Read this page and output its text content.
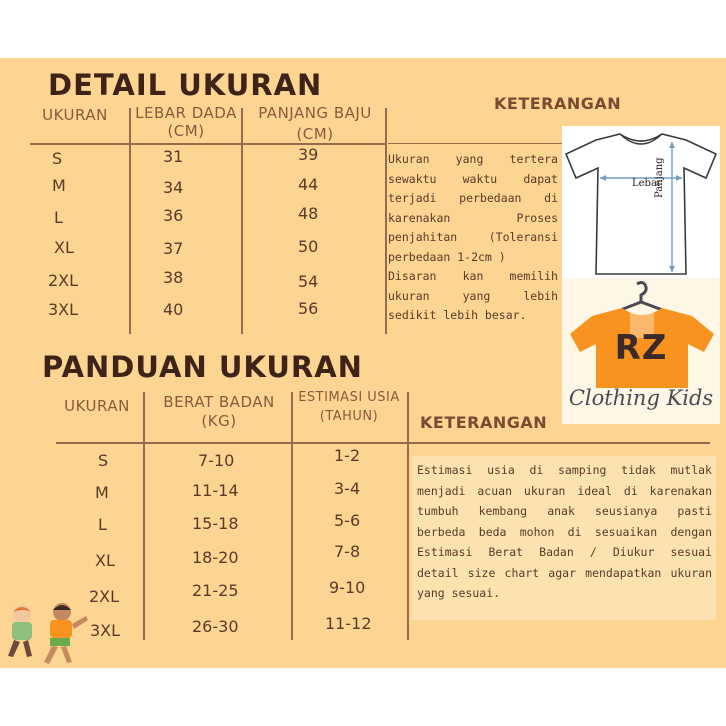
DETAIL UKURAN
UKURAN	LEBAR DADA
(CM)
PANJANG BAJU
(CM)
S	31	39
M	34	44
L	36	48
XL	37	50
2XL	38	54
3XL	40	56
KETERANGAN
Ukuran yang tertera sewaktu waktu dapat terjadi perbedaan di karenakan Proses penjahitan (Toleransi perbedaan 1-2cm )
Disaran kan memilih ukuran yang lebih sedikit lebih besar.
Lebar
Panjang
RZ
Clothing Kids
PANDUAN UKURAN
UKURAN	BERAT BADAN
(KG)
ESTIMASI USIA
(TAHUN)
S	7-10	1-2
M	11-14	3-4
L	15-18	5-6
XL	18-20	7-8
2XL	21-25	9-10
3XL	26-30	11-12
KETERANGAN
Estimasi usia di samping tidak mutlak menjadi acuan ukuran ideal di karenakan tumbuh kembang anak seusianya pasti berbeda beda mohon di sesuaikan dengan Estimasi Berat Badan / Diukur sesuai detail size chart agar mendapatkan ukuran yang sesuai.
